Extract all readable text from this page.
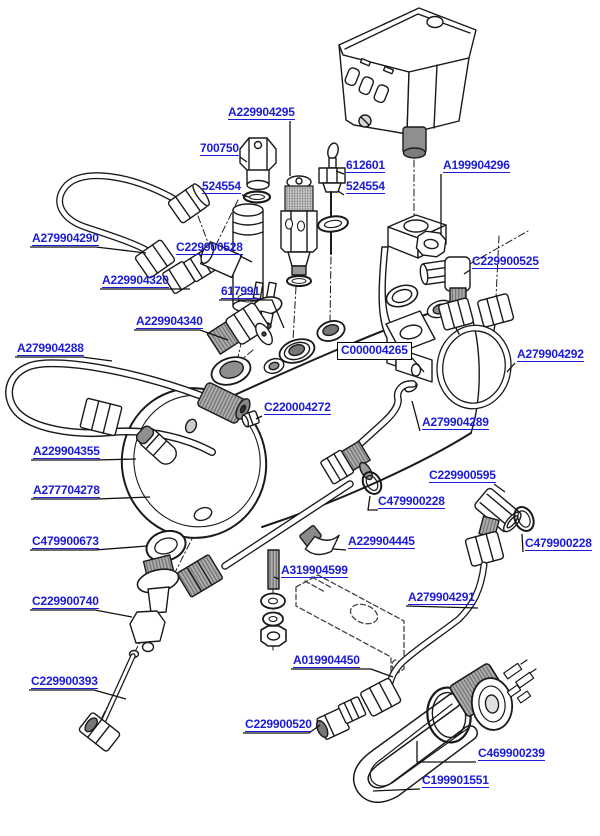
A229904295
700750
612601
524554	524554
A199904296
A279904290
C229900528
A229904320
C229900525
617991
A229904340
A279904288	C000004265	A279904292
C220004272
A279904289
A229904355
A277704278
C229900595
C479900228
C479900228
C479900673	A229904445
A319904599
C229900740	A279904291
A019904450
C229900393
C229900520
C469900239
C199901551
